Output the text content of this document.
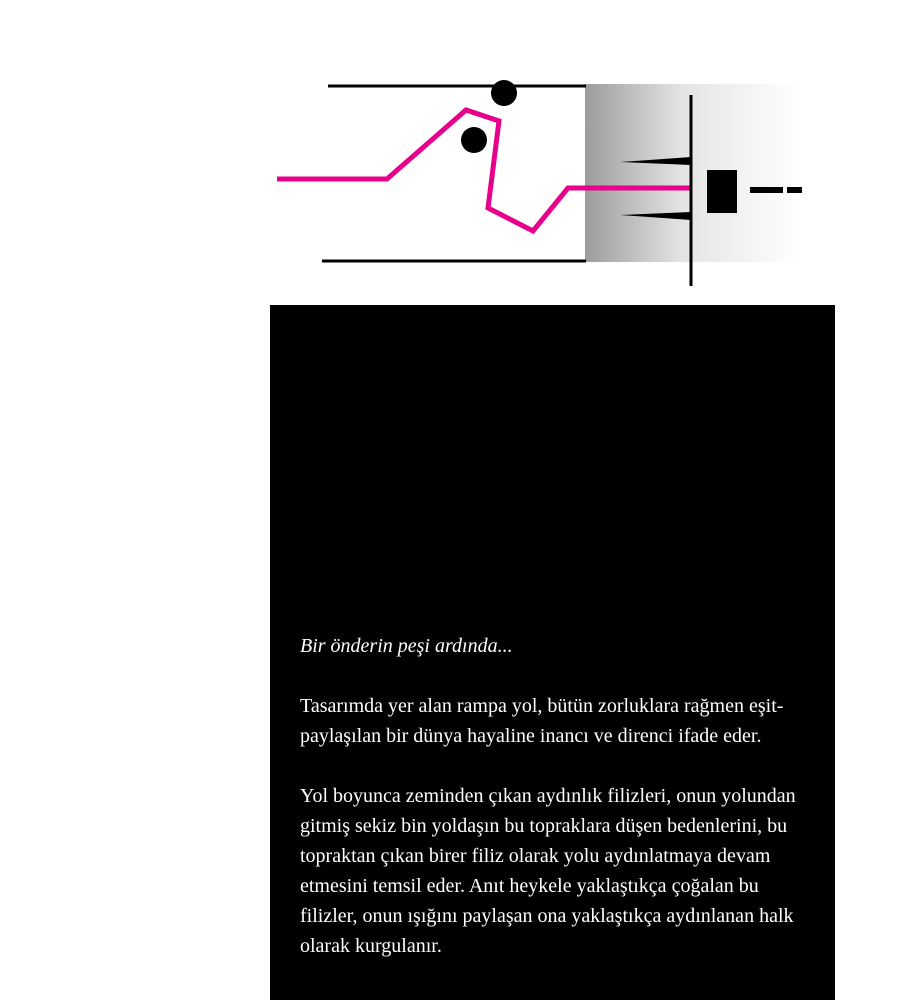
Bir önderin peşi ardında...

Tasarımda yer alan rampa yol, bütün zorluklara rağmen eşit-paylaşılan bir dünya hayaline inancı ve direnci ifade eder.

Yol boyunca zeminden çıkan aydınlık filizleri, onun yolundan gitmiş sekiz bin yoldaşın bu topraklara düşen bedenlerini, bu topraktan çıkan birer filiz olarak yolu aydınlatmaya devam etmesini temsil eder. Anıt heykele yaklaştıkça çoğalan bu filizler, onun ışığını paylaşan ona yaklaştıkça aydınlanan halk olarak kurgulanır.
